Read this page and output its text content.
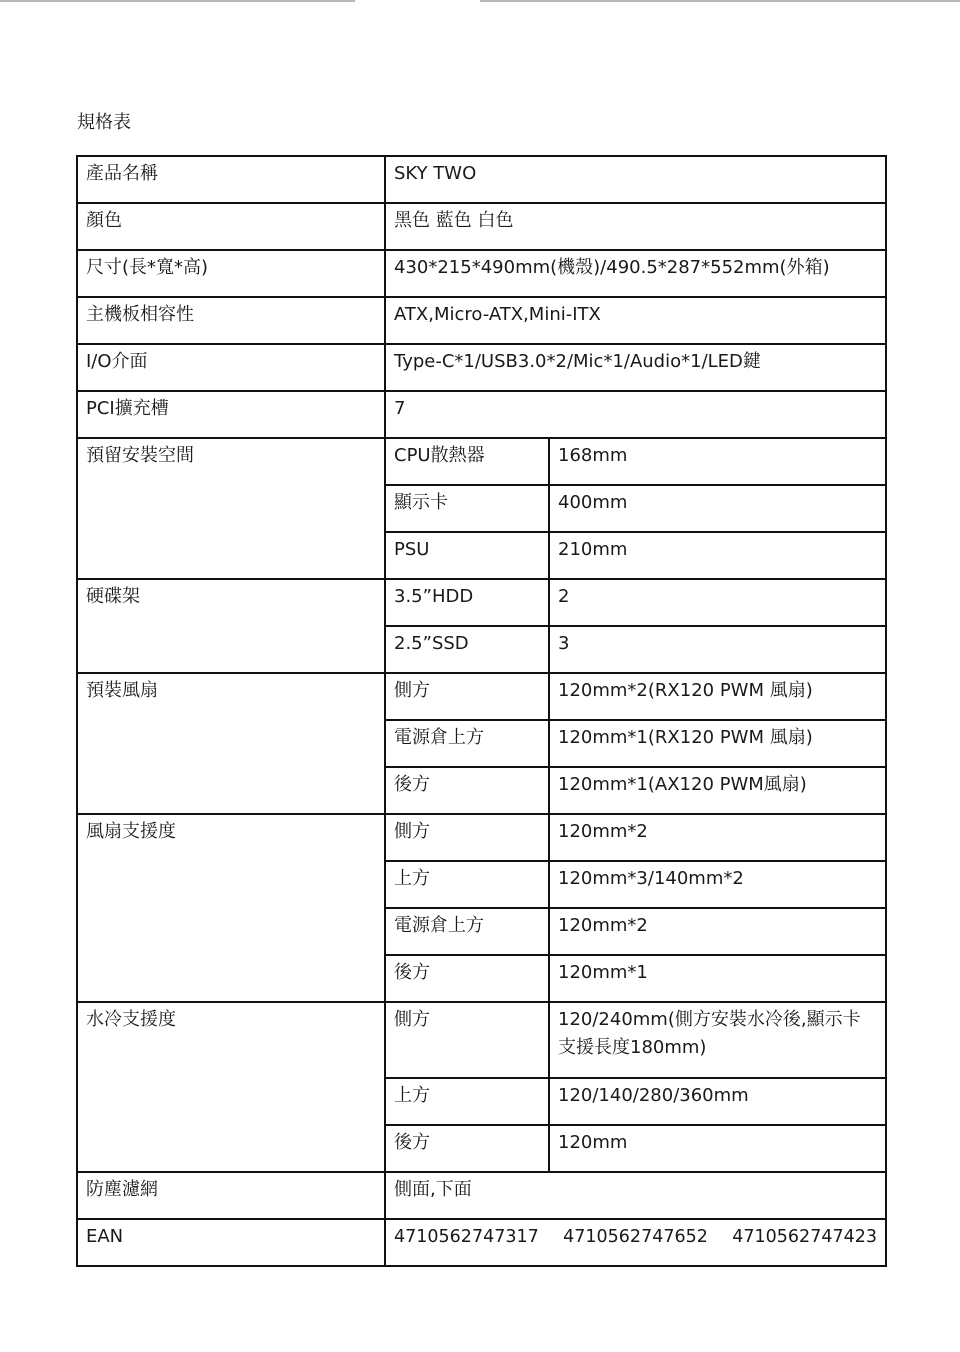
規格表
產品名稱	SKY TWO	

顏色	黑色 藍色 白色	

尺寸(長*寬*高)	430*215*490mm(機殼)/490.5*287*552mm(外箱)	

主機板相容性	ATX,Micro-ATX,Mini-ITX	

I/O介面	Type-C*1/USB3.0*2/Mic*1/Audio*1/LED鍵	

PCI擴充槽	7	

預留安裝空間	CPU散熱器	168mm

	顯示卡	400mm

	PSU	210mm

硬碟架	3.5”HDD	2

	2.5”SSD	3

預裝風扇	側方	120mm*2(RX120 PWM 風扇)

	電源倉上方	120mm*1(RX120 PWM 風扇)

	後方	120mm*1(AX120 PWM風扇)

風扇支援度	側方	120mm*2

	上方	120mm*3/140mm*2

	電源倉上方	120mm*2

	後方	120mm*1

水冷支援度	側方	120/240mm(側方安裝水冷後,顯示卡支援長度180mm)

	上方	120/140/280/360mm

	後方	120mm

防塵濾網	側面,下面	

EAN	4710562747317 4710562747652 4710562747423	
